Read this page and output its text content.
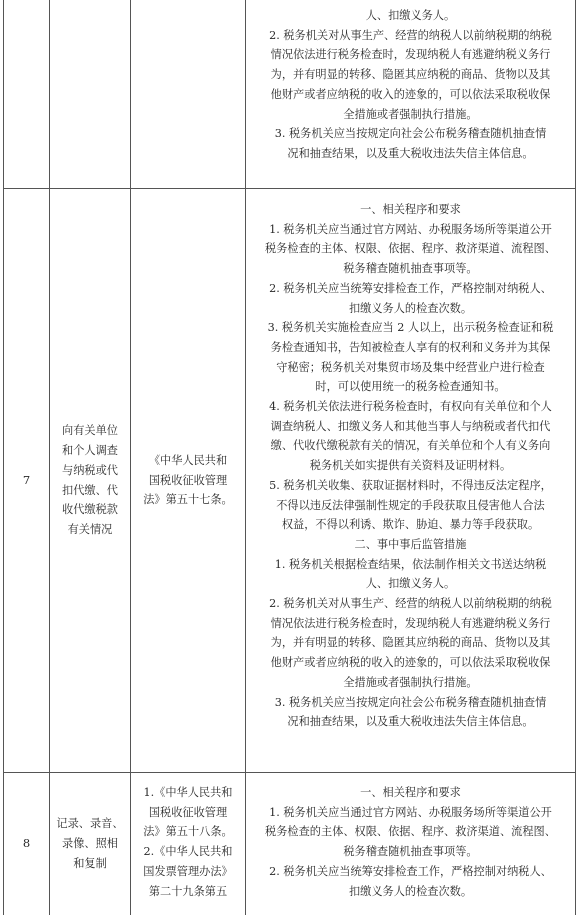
人、扣缴义务人。
2. 税务机关对从事生产、经营的纳税人以前纳税期的纳税
情况依法进行税务检查时，发现纳税人有逃避纳税义务行
为，并有明显的转移、隐匿其应纳税的商品、货物以及其
他财产或者应纳税的收入的迹象的，可以依法采取税收保
全措施或者强制执行措施。
3. 税务机关应当按规定向社会公布税务稽查随机抽查情
况和抽查结果，以及重大税收违法失信主体信息。
7
向有关单位
和个人调查
与纳税或代
扣代缴、代
收代缴税款
有关情况
《中华人民共和
国税收征收管理
法》第五十七条。
一、相关程序和要求
1. 税务机关应当通过官方网站、办税服务场所等渠道公开
税务检查的主体、权限、依据、程序、救济渠道、流程图、
税务稽查随机抽查事项等。
2. 税务机关应当统筹安排检查工作，严格控制对纳税人、
扣缴义务人的检查次数。
3. 税务机关实施检查应当 2 人以上，出示税务检查证和税
务检查通知书，告知被检查人享有的权利和义务并为其保
守秘密；税务机关对集贸市场及集中经营业户进行检查
时，可以使用统一的税务检查通知书。
4. 税务机关依法进行税务检查时，有权向有关单位和个人
调查纳税人、扣缴义务人和其他当事人与纳税或者代扣代
缴、代收代缴税款有关的情况，有关单位和个人有义务向
税务机关如实提供有关资料及证明材料。
5. 税务机关收集、获取证据材料时，不得违反法定程序，
不得以违反法律强制性规定的手段获取且侵害他人合法
权益，不得以利诱、欺诈、胁迫、暴力等手段获取。
二、事中事后监管措施
1. 税务机关根据检查结果，依法制作相关文书送达纳税
人、扣缴义务人。
2. 税务机关对从事生产、经营的纳税人以前纳税期的纳税
情况依法进行税务检查时，发现纳税人有逃避纳税义务行
为，并有明显的转移、隐匿其应纳税的商品、货物以及其
他财产或者应纳税的收入的迹象的，可以依法采取税收保
全措施或者强制执行措施。
3. 税务机关应当按规定向社会公布税务稽查随机抽查情
况和抽查结果，以及重大税收违法失信主体信息。
8
记录、录音、
录像、照相
和复制
1.《中华人民共和
国税收征收管理
法》第五十八条。
2.《中华人民共和
国发票管理办法》
第二十九条第五
一、相关程序和要求
1. 税务机关应当通过官方网站、办税服务场所等渠道公开
税务检查的主体、权限、依据、程序、救济渠道、流程图、
税务稽查随机抽查事项等。
2. 税务机关应当统筹安排检查工作，严格控制对纳税人、
扣缴义务人的检查次数。
